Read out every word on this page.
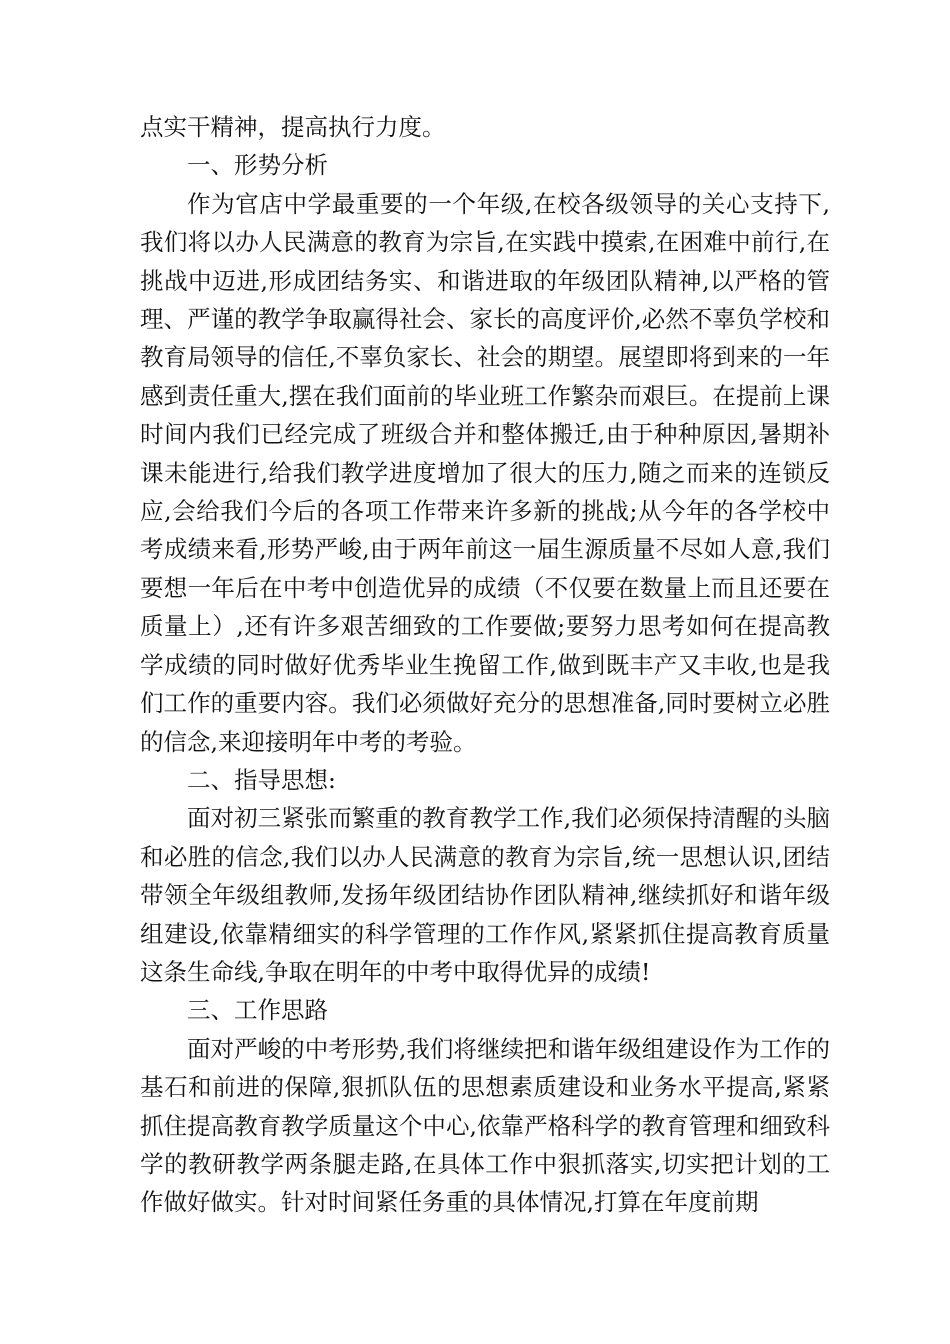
点实干精神，提高执行力度。

一、形势分析

作为官店中学最重要的一个年级,在校各级领导的关心支持下,我们将以办人民满意的教育为宗旨,在实践中摸索,在困难中前行,在挑战中迈进,形成团结务实、和谐进取的年级团队精神,以严格的管理、严谨的教学争取赢得社会、家长的高度评价,必然不辜负学校和教育局领导的信任,不辜负家长、社会的期望。展望即将到来的一年感到责任重大,摆在我们面前的毕业班工作繁杂而艰巨。在提前上课时间内我们已经完成了班级合并和整体搬迁,由于种种原因,暑期补课未能进行,给我们教学进度增加了很大的压力,随之而来的连锁反应,会给我们今后的各项工作带来许多新的挑战;从今年的各学校中考成绩来看,形势严峻,由于两年前这一届生源质量不尽如人意,我们要想一年后在中考中创造优异的成绩（不仅要在数量上而且还要在质量上）,还有许多艰苦细致的工作要做;要努力思考如何在提高教学成绩的同时做好优秀毕业生挽留工作,做到既丰产又丰收,也是我们工作的重要内容。我们必须做好充分的思想准备,同时要树立必胜的信念,来迎接明年中考的考验。

二、指导思想:

面对初三紧张而繁重的教育教学工作,我们必须保持清醒的头脑和必胜的信念,我们以办人民满意的教育为宗旨,统一思想认识,团结带领全年级组教师,发扬年级团结协作团队精神,继续抓好和谐年级组建设,依靠精细实的科学管理的工作作风,紧紧抓住提高教育质量这条生命线,争取在明年的中考中取得优异的成绩!

三、工作思路

面对严峻的中考形势,我们将继续把和谐年级组建设作为工作的基石和前进的保障,狠抓队伍的思想素质建设和业务水平提高,紧紧抓住提高教育教学质量这个中心,依靠严格科学的教育管理和细致科学的教研教学两条腿走路,在具体工作中狠抓落实,切实把计划的工作做好做实。针对时间紧任务重的具体情况,打算在年度前期
